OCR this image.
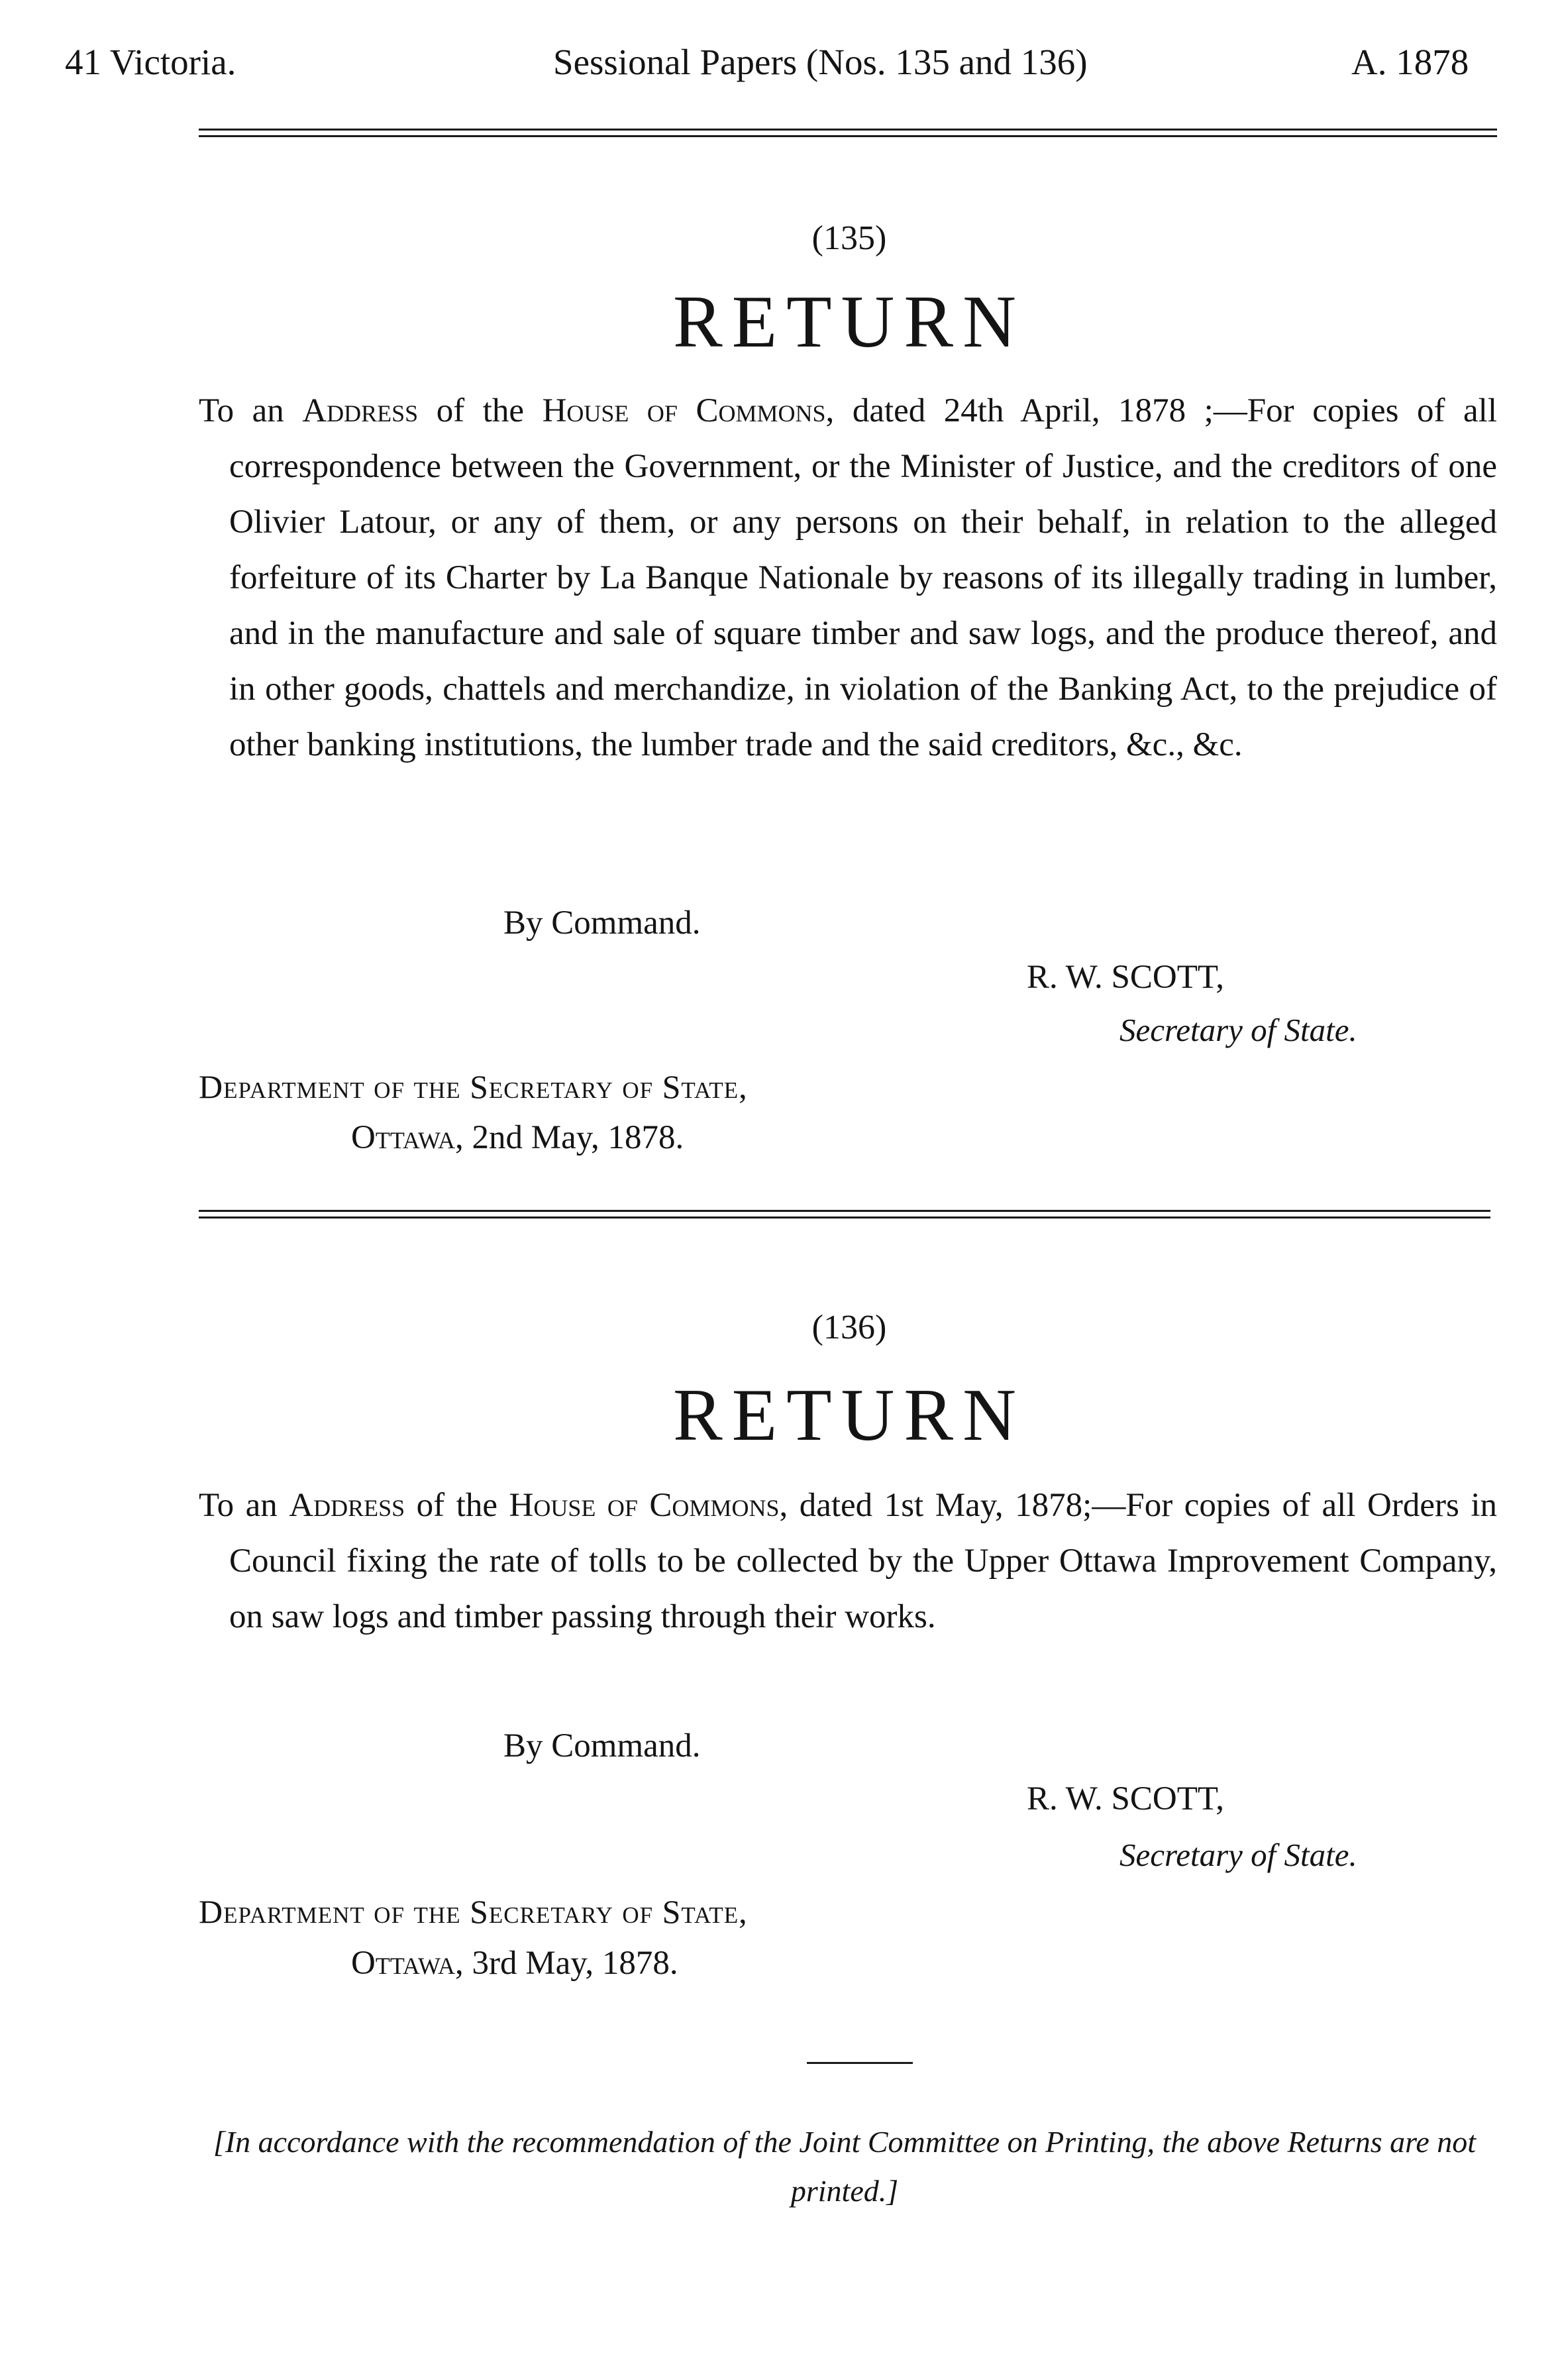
41 Victoria.	Sessional Papers (Nos. 135 and 136)	A. 1878
(135)
RETURN
To an Address of the House of Commons, dated 24th April, 1878 ;—For copies of all correspondence between the Government, or the Minister of Justice, and the creditors of one Olivier Latour, or any of them, or any persons on their behalf, in relation to the alleged forfeiture of its Charter by La Banque Nationale by reasons of its illegally trading in lumber, and in the manufacture and sale of square timber and saw logs, and the produce thereof, and in other goods, chattels and merchandize, in violation of the Banking Act, to the prejudice of other banking institutions, the lumber trade and the said creditors, &c., &c.
By Command.
R. W. SCOTT,
Secretary of State.
Department of the Secretary of State,
Ottawa, 2nd May, 1878.
(136)
RETURN
To an Address of the House of Commons, dated 1st May, 1878;—For copies of all Orders in Council fixing the rate of tolls to be collected by the Upper Ottawa Improvement Company, on saw logs and timber passing through their works.
By Command.
R. W. SCOTT,
Secretary of State.
Department of the Secretary of State,
Ottawa, 3rd May, 1878.
[In accordance with the recommendation of the Joint Committee on Printing, the above Returns are not printed.]
